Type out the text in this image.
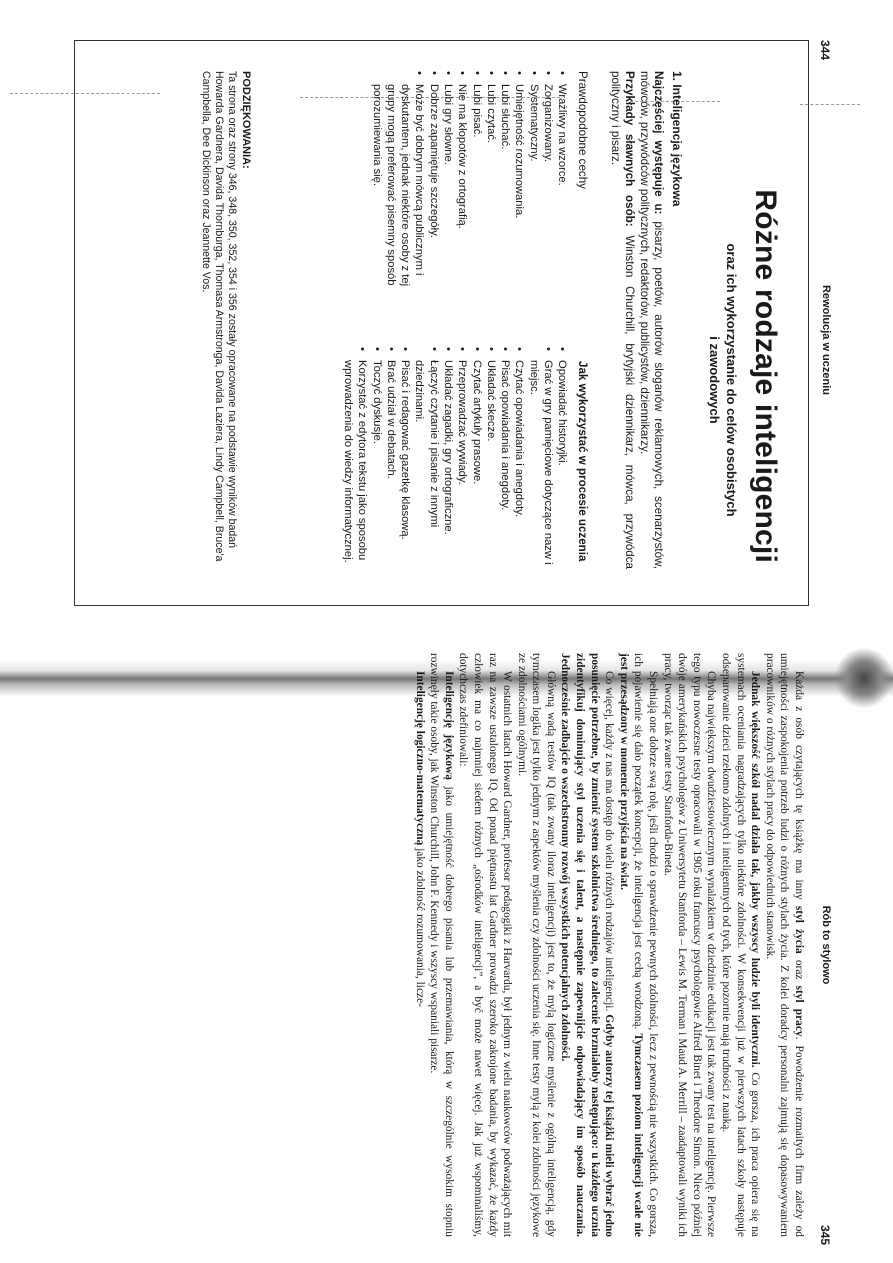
344
Rewolucja w uczeniu
Różne rodzaje inteligencji
oraz ich wykorzystanie do celów osobistych
i zawodowych
1. Inteligencja językowa

Najczęściej występuje u: pisarzy, poetów, autorów sloganów reklamowych, scenarzystów, mówców, przywódców politycznych, redaktorów, publicystów, dziennikarzy.

Przykłady sławnych osób: Winston Churchill, brytyjski dziennikarz, mówca, przywódca polityczny i pisarz.

Prawdopodobne cechy
Jak wykorzystać w procesie uczenia
• Wrażliwy na wzorce.
• Zorganizowany.
• Systematyczny.
• Umiejętność rozumowania.
• Lubi słuchać.
• Lubi czytać.
• Lubi pisać.
• Nie ma kłopotów z ortografią.
• Lubi gry słowne.
• Dobrze zapamiętuje szczegóły.
• Może być dobrym mówcą publicznym i dyskutantem, jednak niektóre osoby z tej grupy mogą preferować pisemny sposób porozumiewania się.
• Opowiadać historyjki.
• Grać w gry pamięciowe dotyczące nazw i miejsc.
• Czytać opowiadania i anegdoty.
• Pisać opowiadania i anegdoty.
• Układać skecze.
• Czytać artykuły prasowe.
• Przeprowadzać wywiady.
• Układać zagadki, gry ortograficzne.
• Łączyć czytanie i pisanie z innymi dziedzinami.
• Pisać i redagować gazetkę klasową.
• Brać udział w debatach.
• Toczyć dyskusje.
• Korzystać z edytora tekstu jako sposobu wprowadzenia do wiedzy informatycznej.
PODZIĘKOWANIA:
Ta strona oraz strony 346, 348, 350, 352, 354 i 356 zostały opracowane na podstawie wyników badań Howarda Gardnera, Davida Thornburga, Thomasa Armstronga, Davida Laziera, Lindy Campbell, Bruce'a Campbella, Dee Dickinson oraz Jeannette Vos.
Rób to stylowo
345

Każda z osób czytających tę książkę ma inny styl życia oraz styl pracy. Powodzenie rozmaitych firm zależy od umiejętności zaspokojenia potrzeb ludzi o różnych stylach życia. Z kolei doradcy personalni zajmują się dopasowywaniem pracowników o różnych stylach pracy do odpowiednich stanowisk.

Jednak większość szkół nadal działa tak, jakby wszyscy ludzie byli identyczni. Co gorsza, ich praca opiera się na systemach oceniania nagradzających tylko niektóre zdolności. W konsekwencji już w pierwszych latach szkoły następuje odseparowanie dzieci rzekomo zdolnych i inteligentnych od tych, które pozornie mają trudności z nauką.

Chyba największym dwudziestowiecznym wynalazkiem w dziedzinie edukacji jest tak zwany test na inteligencję. Pierwsze tego typu nowoczesne testy opracowali w 1905 roku francuscy psychologowie Alfred Binet i Theodore Simon. Nieco później dwóje amerykańskich psychologów z Uniwersytetu Stanforda – Lewis M. Terman i Maud A. Merrill – zaadaptowali wyniki ich pracy, tworząc tak zwane testy Stanforda-Bineta.

Spełniają one dobrze swą rolę, jeśli chodzi o sprawdzenie pewnych zdolności, lecz z pewnością nie wszystkich. Co gorsza, ich pojawienie się dało początek koncepcji, że inteligencja jest cechą wrodzoną. Tymczasem poziom inteligencji wcale nie jest przesądzony w momencie przyjścia na świat.

Co więcej, każdy z nas ma dostęp do wielu różnych rodzajów inteligencji. Gdyby autorzy tej książki mieli wybrać jedno posunięcie potrzebne, by zmienić system szkolnictwa średniego, to zalecenie brzmiałoby następująco: u każdego ucznia zidentyfikuj dominujący styl uczenia się i talent, a następnie zapewnij​cie odpowiadający im sposób nauczania. Jednocześnie zadbajcie o wszechstronny rozwój wszystkich potencjalnych zdolności.

Główną wadą testów IQ (tak zwany iloraz inteligencji) jest to, że mylą logiczne myślenie z ogólną inteligencją, gdy tymczasem logika jest tylko jednym z aspektów myślenia czy zdolności uczenia się. Inne testy mylą z kolei zdolności językowe ze zdolnościami ogólnymi.

W ostatnich latach Howard Gardner, profesor pedagogiki z Harvardu, był jednym z wielu naukowców podważających mit raz na zawsze ustalonego IQ. Od ponad piętnastu lat Gardner prowadzi szeroko zakrojone badania, by wykazać, że każdy człowiek ma co najmniej siedem różnych „ośrodków inteligencji”, a być może nawet więcej. Jak już wspominaliśmy, dotychczas zdefiniowali:

Inteligencję językową jako umiejętność dobrego pisania lub przemawiania, którą w szczególnie wysokim stopniu rozwinęły takie osoby, jak Winston Churchill, John F. Kennedy i wszyscy wspaniali pisarze.

Inteligencję logiczno-matematyczną jako zdolność rozumowania, licze-
